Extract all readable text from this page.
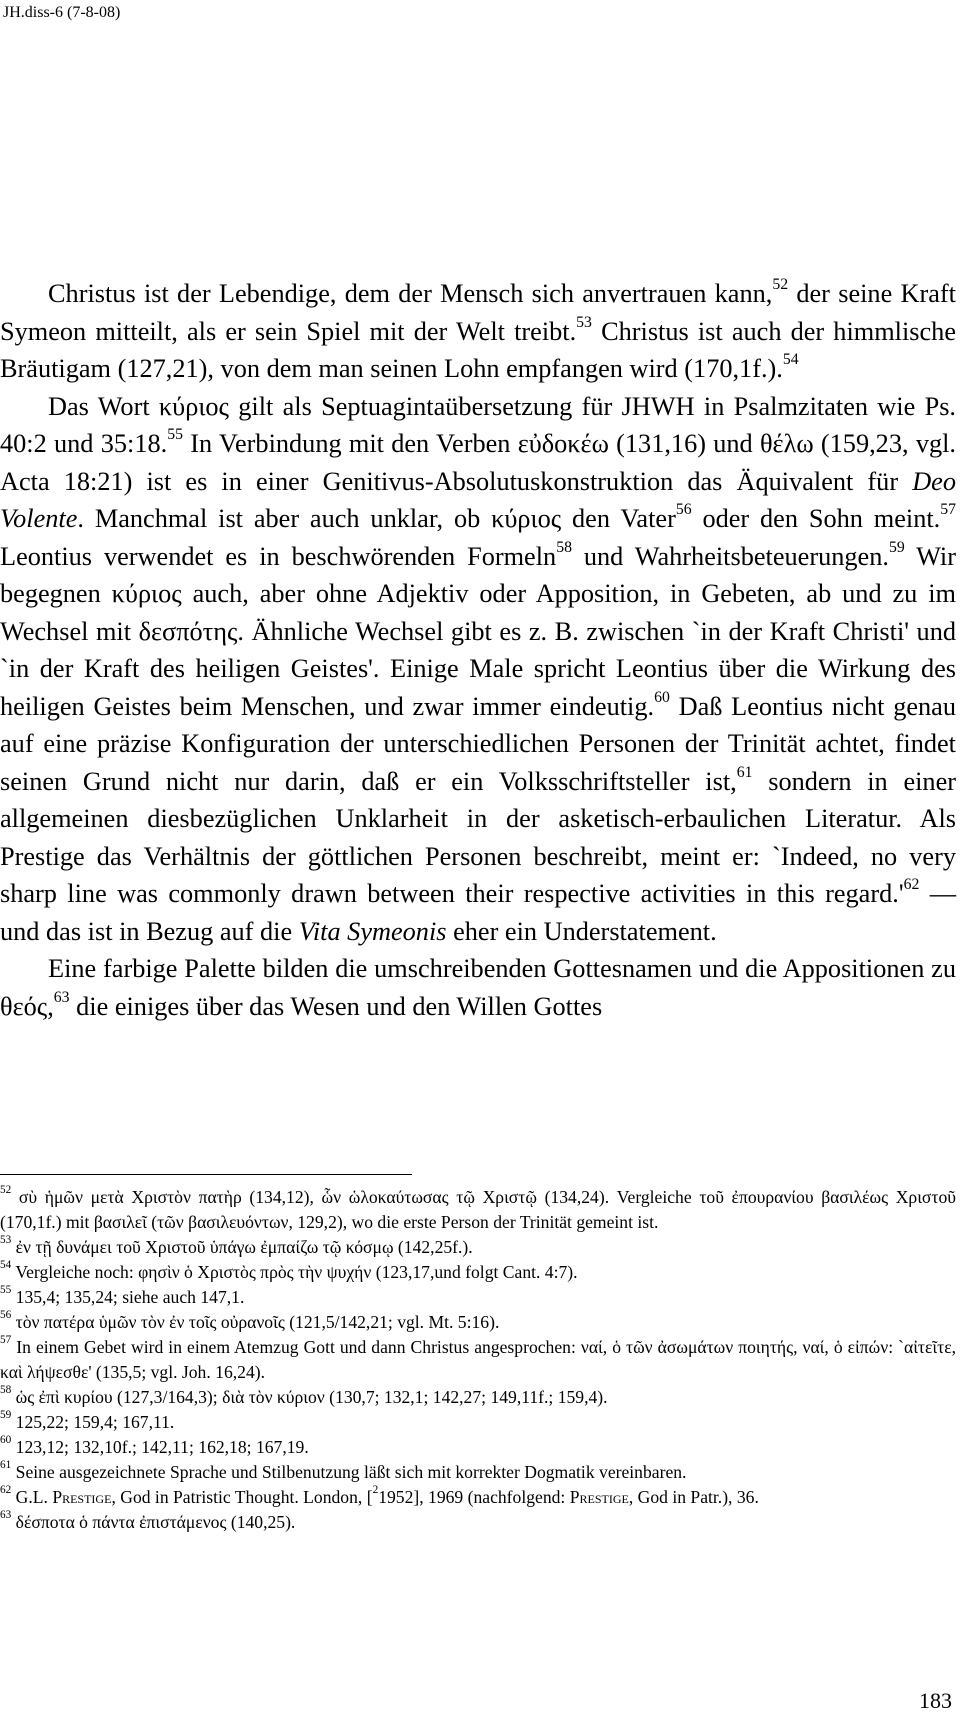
JH.diss-6 (7-8-08)

Christus ist der Lebendige, dem der Mensch sich anvertrauen kann,$^{52}$ der seine Kraft Symeon mitteilt, als er sein Spiel mit der Welt treibt.$^{53}$ Christus ist auch der himmlische Bräutigam (127,21), von dem man seinen Lohn empfangen wird (170,1f.).$^{54}$

Das Wort κύριος gilt als Septuagintaübersetzung für JHWH in Psalmzitaten wie Ps. 40:2 und 35:18.55 In Verbindung mit den Verben εὐδοκέω (131,16) und θέλω (159,23, vgl. Acta 18:21) ist es in einer Genitivus-Absolutuskonstruktion das Äquivalent für Deo Volente. Manchmal ist aber auch unklar, ob κύριος den Vater$^{56}$ oder den Sohn meint.$^{57}$ Leontius verwendet es in beschwörenden Formeln$^{58}$ und Wahrheitsbeteuerungen.$^{59}$ Wir begegnen κύριος auch, aber ohne Adjektiv oder Apposition, in Gebeten, ab und zu im Wechsel mit δεσπότης. Ähnliche Wechsel gibt es z. B. zwischen `in der Kraft Christi' und `in der Kraft des heiligen Geistes'. Einige Male spricht Leontius über die Wirkung des heiligen Geistes beim Menschen, und zwar immer eindeutig.$^{60}$ Daß Leontius nicht genau auf eine präzise Konfiguration der unterschiedlichen Personen der Trinität achtet, findet seinen Grund nicht nur darin, daß er ein Volksschriftsteller ist,$^{61}$ sondern in einer allgemeinen diesbezüglichen Unklarheit in der asketisch-erbaulichen Literatur. Als Prestige das Verhältnis der göttlichen Personen beschreibt, meint er: `Indeed, no very sharp line was commonly drawn between their respective activities in this $regard.'^{62}$ — und das ist in Bezug auf die Vita Symeonis eher ein Understatement.

Eine farbige Palette bilden die umschreibenden Gottesnamen und die Appositionen zu θεός,$^{63}$ die einiges über das Wesen und den Willen Gottes

$^{52}$ σὺ ἡμῶν μετὰ Χριστὸν πατὴρ (134,12), ὧν ὡλοκαύτωσας τῷ Χριστῷ (134,24). Vergleiche τοῦ ἐπουρανίου βασιλέως Χριστοῦ (170,1f.) mit βασιλεῖ (τῶν βασιλευόντων, 129,2), wo die erste Person der Trinität gemeint ist.

$^{53}$ ἐν τῇ δυνάμει τοῦ Χριστοῦ ὑπάγω ἐμπαίζω τῷ κόσμῳ (142,25f.).

$^{54}$ Vergleiche noch: φησὶν ὁ Χριστὸς πρὸς τὴν ψυχήν (123,17,und folgt Cant. 4:7).

$^{55}$ 135,4; 135,24; siehe auch 147,1.

$^{56}$ τὸν πατέρα ὑμῶν τὸν ἐν τοῖς οὐρανοῖς (121,5/142,21; vgl. Mt. 5:16).

$^{57}$ In einem Gebet wird in einem Atemzug Gott und dann Christus angesprochen: ναί, ὁ τῶν ἀσωμάτων ποιητής, ναί, ὁ εἰπών: `αἰτεῖτε, καὶ λήψεσθε' (135,5; vgl. Joh. 16,24).

$^{58}$ ὡς ἐπὶ κυρίου (127,3/164,3); διὰ τὸν κύριον (130,7; 132,1; 142,27; 149,11f.; 159,4).

$^{59}$ 125,22; 159,4; 167,11.

$^{60}$ 123,12; 132,10f.; 142,11; 162,18; 167,19.

$^{61}$ Seine ausgezeichnete Sprache und Stilbenutzung läßt sich mit korrekter Dogmatik vereinbaren.

$^{62}$ G.L. Prestige, God in Patristic Thought. London, [$^2$1952], 1969 (nachfolgend: Prestige, God in Patr.), 36.

$^{63}$ δέσποτα ὁ πάντα ἐπιστάμενος (140,25).

183
